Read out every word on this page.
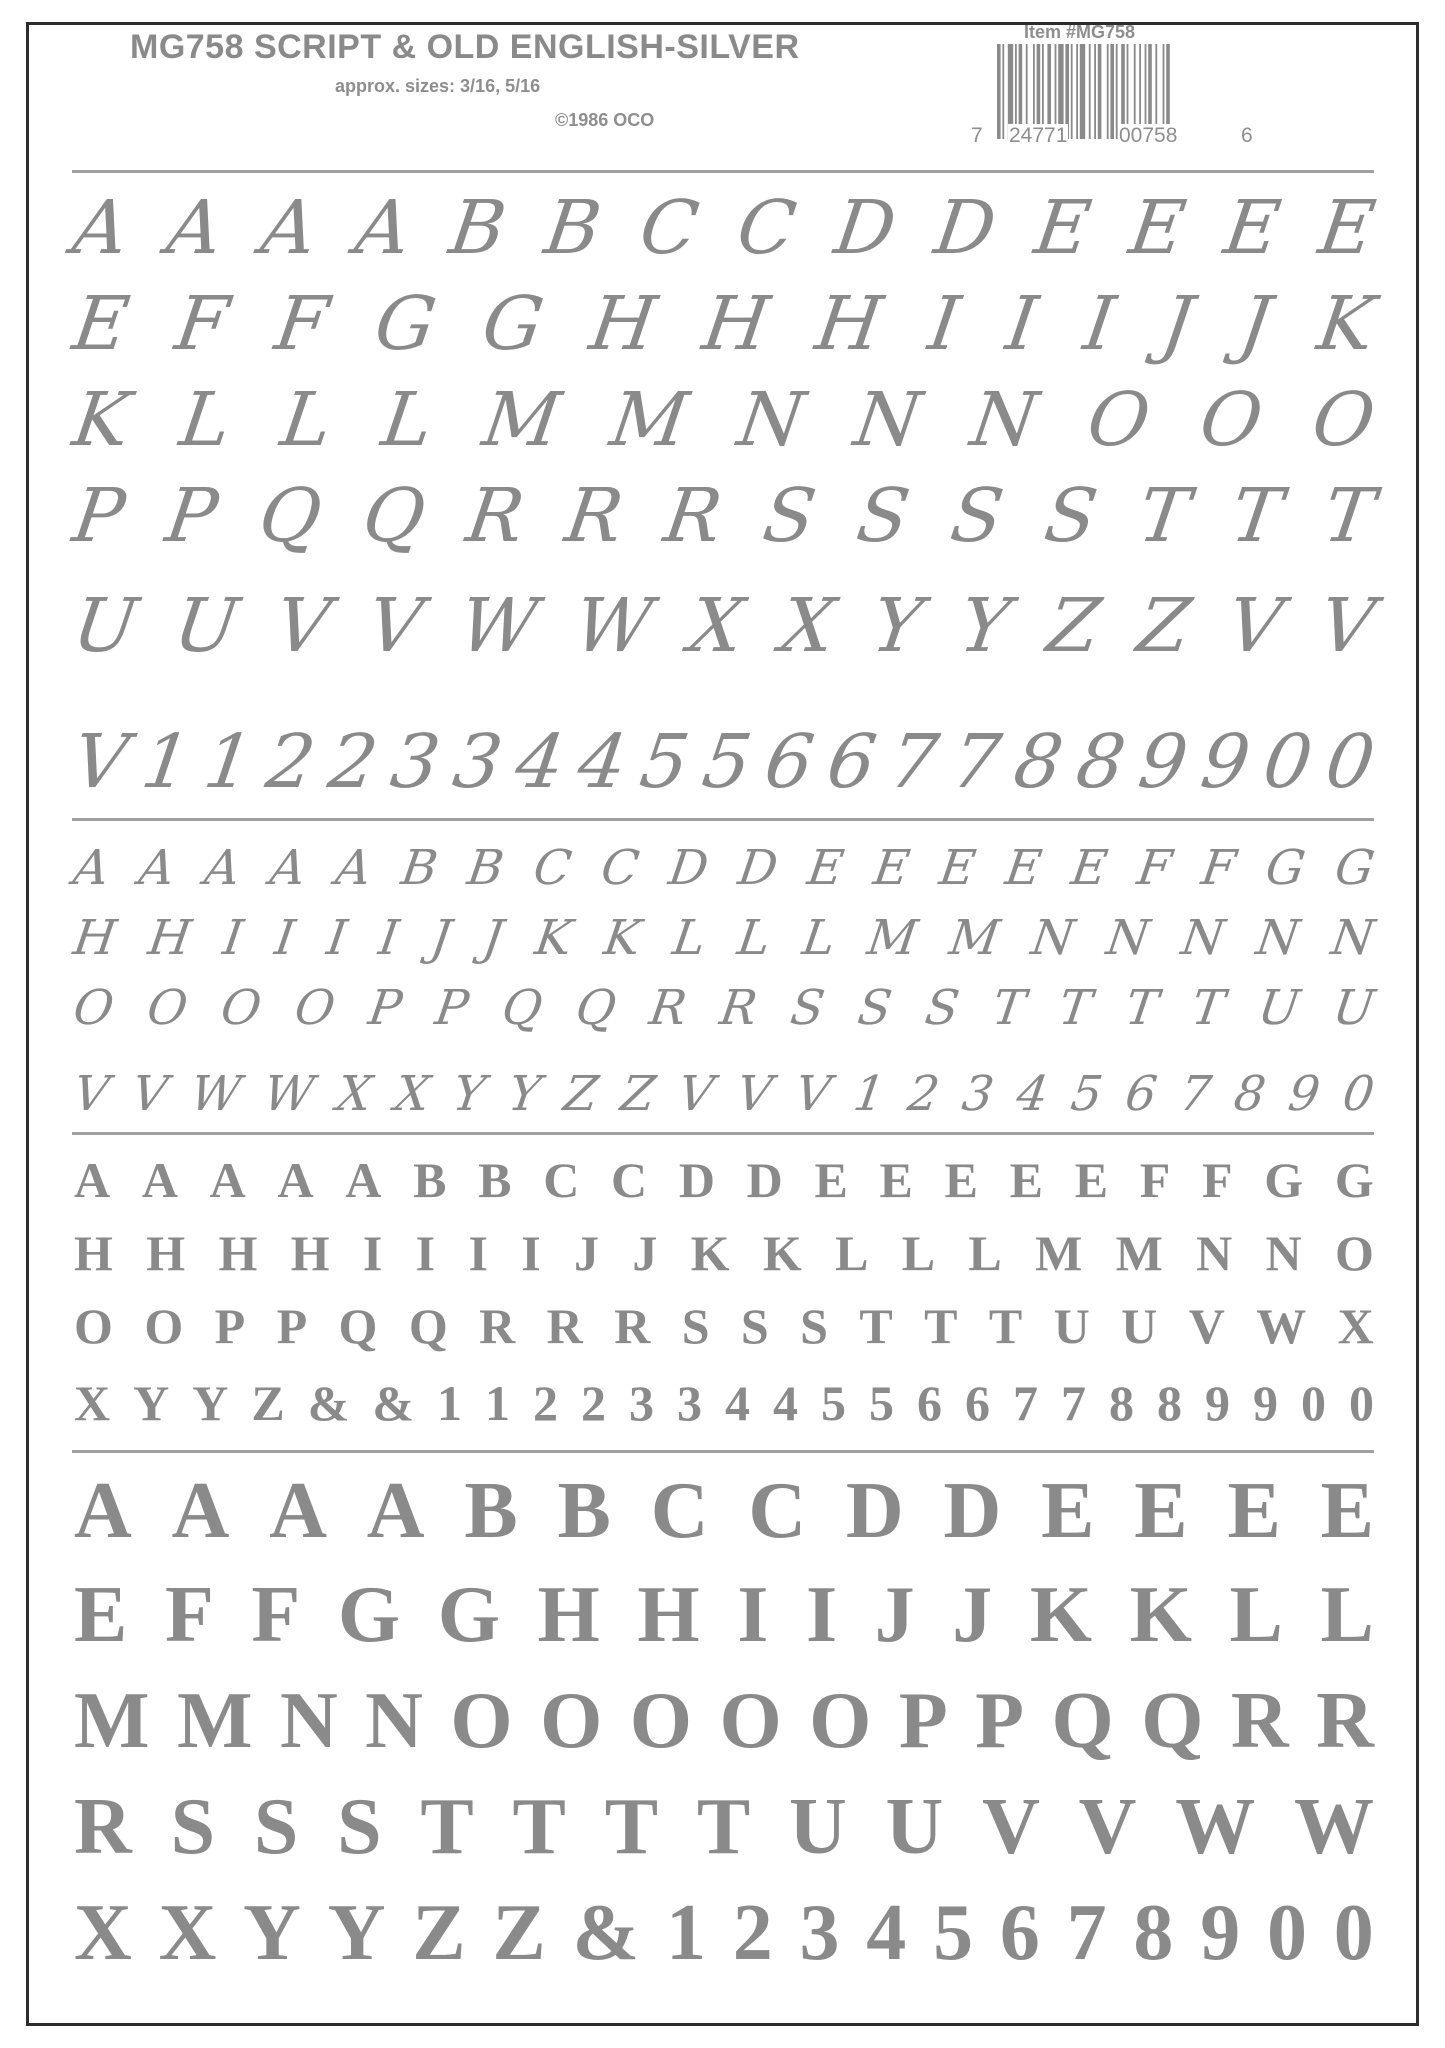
MG758 SCRIPT & OLD ENGLISH-SILVER
approx. sizes: 3/16, 5/16
©1986 OCO
Item #MG758
7 24771 00758	6
A A A A B B C C D D E E E E
E F F G G H H H I I I J J K
K L L L M M N N N O O O
P P Q Q R R R S S S S T T T
U U V V W W X X Y Y Z Z V V
V 1 1 2 2 3 3 4 4 5 5 6 6 7 7 8 8 9 9 0 0
A A A A A B B C C D D E E E E E F F G G
H H I I I I J J K K L L L M M N N N N N
O O O O P P Q Q R R S S S T T T T U U
V V W W X X Y Y Z Z V V V 1 2 3 4 5 6 7 8 9 0
A A A A A B B C C D D E E E E E F F G G
H H H H I I I I J J K K L L L M M N N O
O O P P Q Q R R R S S S T T T U U V W X
X Y Y Z & & 1 1 2 2 3 3 4 4 5 5 6 6 7 7 8 8 9 9 0 0
A A A A B B C C D D E E E E
E F F G G H H I I J J K K L L
M M N N O O O O O P P Q Q R R
R S S S T T T T U U V V W W
X X Y Y Z Z & 1 2 3 4 5 6 7 8 9 0 0
